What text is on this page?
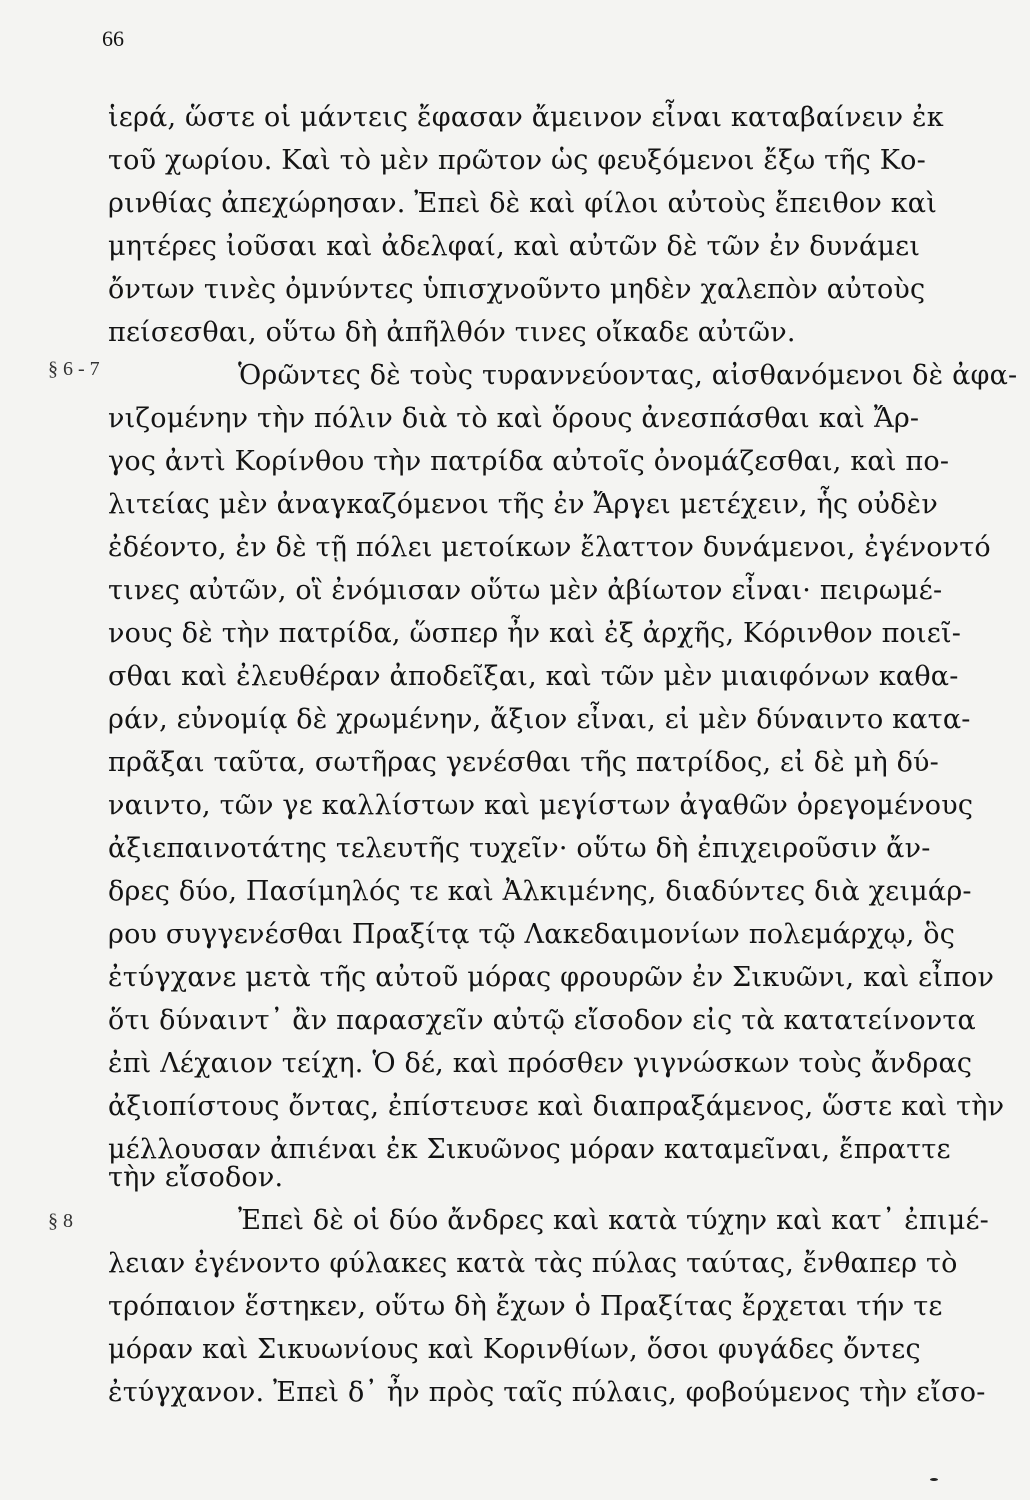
66
§ 6 - 7
§ 8
ἱερά, ὥστε οἱ μάντεις ἔφασαν ἄμεινον εἶναι καταβαίνειν ἐκ
τοῦ χωρίου. Καὶ τὸ μὲν πρῶτον ὡς φευξόμενοι ἔξω τῆς Κο-
ρινθίας ἀπεχώρησαν. Ἐπεὶ δὲ καὶ φίλοι αὐτοὺς ἔπειθον καὶ
μητέρες ἰοῦσαι καὶ ἀδελφαί, καὶ αὐτῶν δὲ τῶν ἐν δυνάμει
ὄντων τινὲς ὀμνύντες ὑπισχνοῦντο μηδὲν χαλεπὸν αὐτοὺς
πείσεσθαι, οὕτω δὴ ἀπῆλθόν τινες οἴκαδε αὐτῶν.
Ὁρῶντες δὲ τοὺς τυραννεύοντας, αἰσθανόμενοι δὲ ἀφα-
νιζομένην τὴν πόλιν διὰ τὸ καὶ ὅρους ἀνεσπάσθαι καὶ Ἄρ-
γος ἀντὶ Κορίνθου τὴν πατρίδα αὐτοῖς ὀνομάζεσθαι, καὶ πο-
λιτείας μὲν ἀναγκαζόμενοι τῆς ἐν Ἄργει μετέχειν, ἧς οὐδὲν
ἐδέοντο, ἐν δὲ τῇ πόλει μετοίκων ἔλαττον δυνάμενοι, ἐγένοντό
τινες αὐτῶν, οἳ ἐνόμισαν οὕτω μὲν ἀβίωτον εἶναι· πειρωμέ-
νους δὲ τὴν πατρίδα, ὥσπερ ἦν καὶ ἐξ ἀρχῆς, Κόρινθον ποιεῖ-
σθαι καὶ ἐλευθέραν ἀποδεῖξαι, καὶ τῶν μὲν μιαιφόνων καθα-
ράν, εὐνομίᾳ δὲ χρωμένην, ἄξιον εἶναι, εἰ μὲν δύναιντο κατα-
πρᾶξαι ταῦτα, σωτῆρας γενέσθαι τῆς πατρίδος, εἰ δὲ μὴ δύ-
ναιντο, τῶν γε καλλίστων καὶ μεγίστων ἀγαθῶν ὀρεγομένους
ἀξιεπαινοτάτης τελευτῆς τυχεῖν· οὕτω δὴ ἐπιχειροῦσιν ἄν-
δρες δύο, Πασίμηλός τε καὶ Ἀλκιμένης, διαδύντες διὰ χειμάρ-
ρου συγγενέσθαι Πραξίτᾳ τῷ Λακεδαιμονίων πολεμάρχῳ, ὃς
ἐτύγχανε μετὰ τῆς αὐτοῦ μόρας φρουρῶν ἐν Σικυῶνι, καὶ εἶπον
ὅτι δύναιντ᾽ ἂν παρασχεῖν αὐτῷ εἴσοδον εἰς τὰ κατατείνοντα
ἐπὶ Λέχαιον τείχη. Ὁ δέ, καὶ πρόσθεν γιγνώσκων τοὺς ἄνδρας
ἀξιοπίστους ὄντας, ἐπίστευσε καὶ διαπραξάμενος, ὥστε καὶ τὴν
μέλλουσαν ἀπιέναι ἐκ Σικυῶνος μόραν καταμεῖναι, ἔπραττε
τὴν εἴσοδον.
Ἐπεὶ δὲ οἱ δύο ἄνδρες καὶ κατὰ τύχην καὶ κατ᾽ ἐπιμέ-
λειαν ἐγένοντο φύλακες κατὰ τὰς πύλας ταύτας, ἔνθαπερ τὸ
τρόπαιον ἕστηκεν, οὕτω δὴ ἔχων ὁ Πραξίτας ἔρχεται τήν τε
μόραν καὶ Σικυωνίους καὶ Κορινθίων, ὅσοι φυγάδες ὄντες
ἐτύγχανον. Ἐπεὶ δ᾽ ἦν πρὸς ταῖς πύλαις, φοβούμενος τὴν εἴσο-
